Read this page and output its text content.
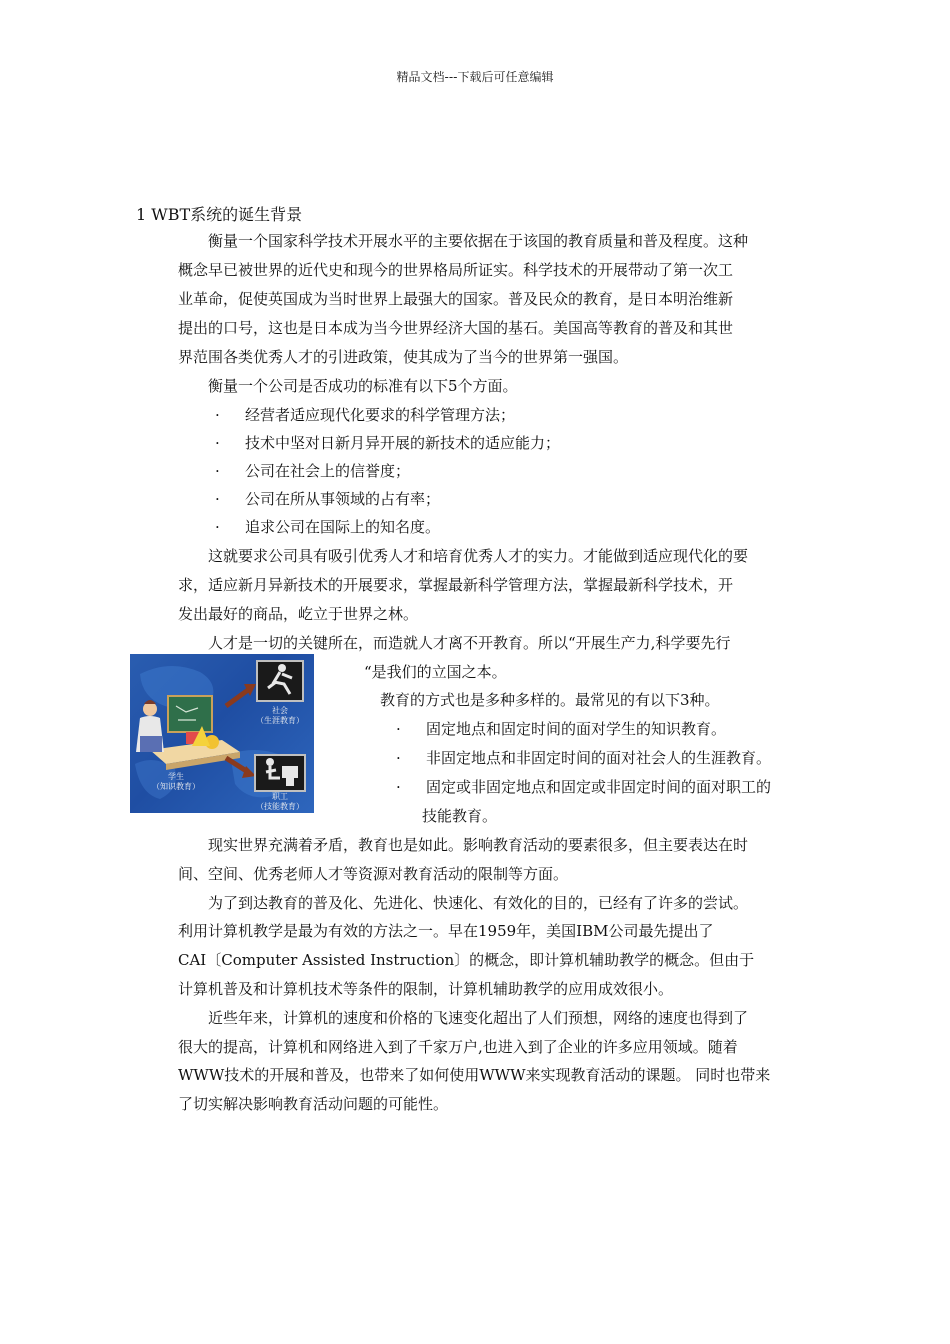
精品文档---下载后可任意编辑
1 WBT系统的诞生背景
衡量一个国家科学技术开展水平的主要依据在于该国的教育质量和普及程度。这种
概念早已被世界的近代史和现今的世界格局所证实。科学技术的开展带动了第一次工
业革命，促使英国成为当时世界上最强大的国家。普及民众的教育，是日本明治维新
提出的口号，这也是日本成为当今世界经济大国的基石。美国高等教育的普及和其世
界范围各类优秀人才的引进政策，使其成为了当今的世界第一强国。
衡量一个公司是否成功的标准有以下5个方面。
· 经营者适应现代化要求的科学管理方法；
· 技术中坚对日新月异开展的新技术的适应能力；
· 公司在社会上的信誉度；
· 公司在所从事领域的占有率；
· 追求公司在国际上的知名度。
这就要求公司具有吸引优秀人才和培育优秀人才的实力。才能做到适应现代化的要
求，适应新月异新技术的开展要求，掌握最新科学管理方法，掌握最新科学技术，开
发出最好的商品，屹立于世界之林。
人才是一切的关键所在，而造就人才离不开教育。所以“开展生产力,科学要先行
“是我们的立国之本。
教育的方式也是多种多样的。最常见的有以下3种。
· 固定地点和固定时间的面对学生的知识教育。
· 非固定地点和非固定时间的面对社会人的生涯教育。
· 固定或非固定地点和固定或非固定时间的面对职工的
技能教育。
社会
（生涯教育）
学生
（知识教育）
职工
（技能教育）
现实世界充满着矛盾，教育也是如此。影响教育活动的要素很多，但主要表达在时
间、空间、优秀老师人才等资源对教育活动的限制等方面。
为了到达教育的普及化、先进化、快速化、有效化的目的，已经有了许多的尝试。
利用计算机教学是最为有效的方法之一。早在1959年，美国IBM公司最先提出了
CAI〔Computer Assisted Instruction〕的概念，即计算机辅助教学的概念。但由于
计算机普及和计算机技术等条件的限制，计算机辅助教学的应用成效很小。
近些年来，计算机的速度和价格的飞速变化超出了人们预想，网络的速度也得到了
很大的提高，计算机和网络进入到了千家万户,也进入到了企业的许多应用领域。随着
WWW技术的开展和普及，也带来了如何使用WWW来实现教育活动的课题。 同时也带来
了切实解决影响教育活动问题的可能性。
